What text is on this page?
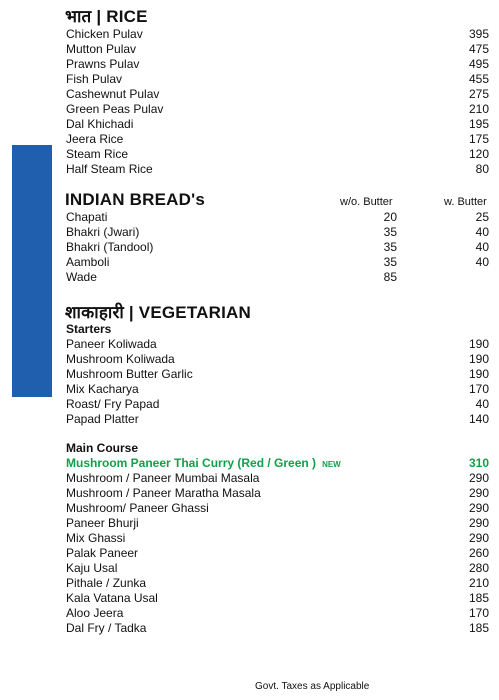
भात | RICE
Chicken Pulav	395
Mutton Pulav	475
Prawns Pulav	495
Fish Pulav	455
Cashewnut Pulav	275
Green Peas Pulav	210
Dal Khichadi	195
Jeera Rice	175
Steam Rice	120
Half Steam Rice	80
INDIAN BREAD's	w/o. Butter	w. Butter
Chapati	20	25
Bhakri (Jwari)	35	40
Bhakri (Tandool)	35	40
Aamboli	35	40
Wade	85
शाकाहारी | VEGETARIAN
Starters
Paneer Koliwada	190
Mushroom Koliwada	190
Mushroom Butter Garlic	190
Mix Kacharya	170
Roast/ Fry Papad	40
Papad Platter	140
Main Course
Mushroom Paneer Thai Curry (Red / Green ) NEW	310
Mushroom / Paneer Mumbai Masala	290
Mushroom / Paneer Maratha Masala	290
Mushroom/ Paneer Ghassi	290
Paneer Bhurji	290
Mix Ghassi	290
Palak Paneer	260
Kaju Usal	280
Pithale / Zunka	210
Kala Vatana Usal	185
Aloo Jeera	170
Dal Fry / Tadka	185
Govt. Taxes as Applicable
